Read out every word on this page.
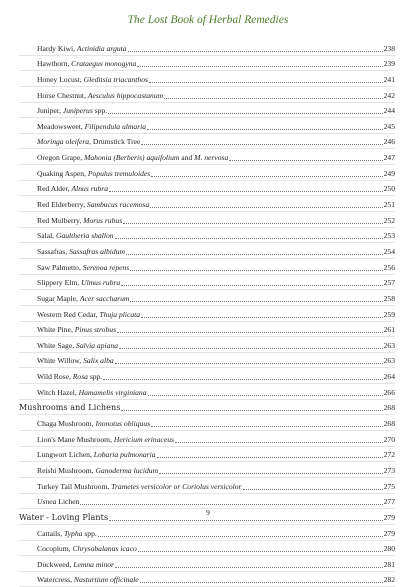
The Lost Book of Herbal Remedies
Hardy Kiwi, Actinidia arguta	238
Hawthorn, Crataegus monogyna	239
Honey Locust, Gleditsia triacanthos	241
Horse Chestnut, Aesculus hippocastanum	242
Juniper, Juniperus spp.	244
Meadowsweet, Filipendula ulmaria	245
Moringa oleifera, Drumstick Tree	246
Oregon Grape, Mahonia (Berberis) aquifolium and M. nervosa	247
Quaking Aspen, Populus tremuloides	249
Red Alder, Alnus rubra	250
Red Elderberry, Sambucus racemosa	251
Red Mulberry, Morus rubus	252
Salal, Gaultheria shallon	253
Sassafras, Sassafras albidum	254
Saw Palmetto, Serenoa repens	256
Slippery Elm, Ulmus rubra	257
Sugar Maple, Acer saccharum	258
Western Red Cedar, Thuja plicata	259
White Pine, Pinus strobus	261
White Sage, Salvia apiana	263
White Willow, Salix alba	263
Wild Rose, Rosa spp.	264
Witch Hazel, Hamamelis virginiana	266
Mushrooms and Lichens	268
Chaga Mushroom, Inonotus obliquus	268
Lion's Mane Mushroom, Hericium erinaceus	270
Lungwort Lichen, Lobaria pulmonaria	272
Reishi Mushroom, Ganoderma lucidum	273
Turkey Tail Mushroom, Trametes versicolor or Coriolus versicolor	275
Usnea Lichen	277
Water - Loving Plants	279
Cattails, Typha spp.	279
Cocoplum, Chrysobalanus icaco	280
Duckweed, Lemna minor	281
Watercress, Nasturtium officinale	282
9
